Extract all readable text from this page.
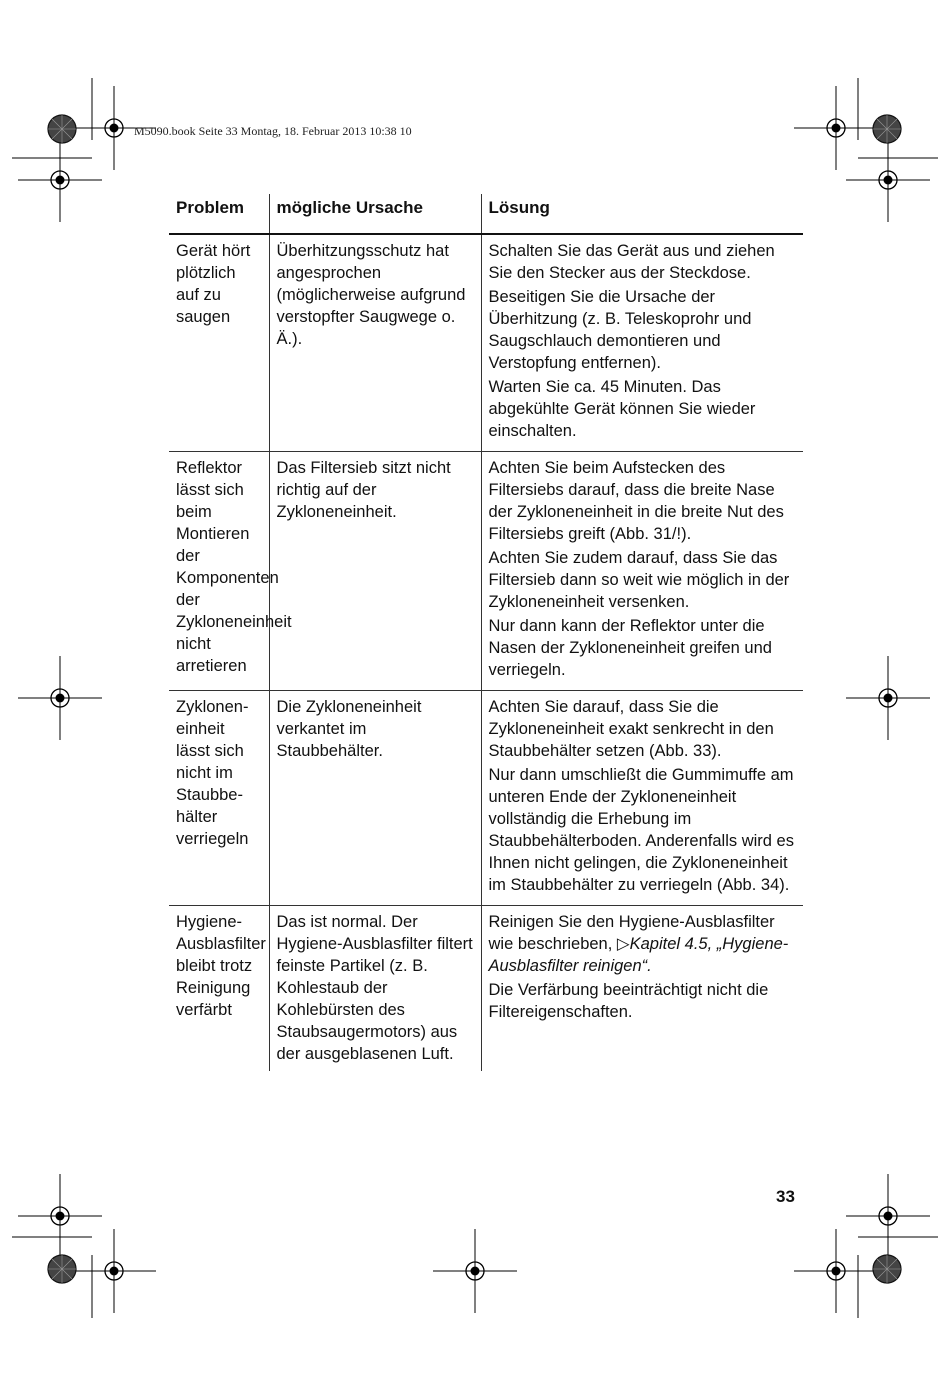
M5090.book Seite 33 Montag, 18. Februar 2013 10:38 10
Problem	mögliche Ursache	Lösung
Gerät hört plötzlich auf zu saugen	Überhitzungsschutz hat angesprochen (möglicherweise aufgrund verstopfter Saugwege o. Ä.).	Schalten Sie das Gerät aus und ziehen Sie den Stecker aus der Steckdose.

Beseitigen Sie die Ursache der Überhitzung (z. B. Teleskoprohr und Saugschlauch demontieren und Verstopfung entfernen).

Warten Sie ca. 45 Minuten. Das abgekühlte Gerät können Sie wieder einschalten.

Reflektor lässt sich beim Montieren der Komponenten der Zykloneneinheit nicht arretieren	Das Filtersieb sitzt nicht richtig auf der Zykloneneinheit.	Achten Sie beim Aufstecken des Filtersiebs darauf, dass die breite Nase der Zykloneneinheit in die breite Nut des Filtersiebs greift (Abb. 31/!).

Achten Sie zudem darauf, dass Sie das Filtersieb dann so weit wie möglich in der Zykloneneinheit versenken.

Nur dann kann der Reflektor unter die Nasen der Zykloneneinheit greifen und verriegeln.

Zykloneneinheit lässt sich nicht im Staubbehälter verriegeln	Die Zykloneneinheit verkantet im Staubbehälter.	Achten Sie darauf, dass Sie die Zykloneneinheit exakt senkrecht in den Staubbehälter setzen (Abb. 33).

Nur dann umschließt die Gummimuffe am unteren Ende der Zykloneneinheit vollständig die Erhebung im Staubbehälterboden. Anderenfalls wird es Ihnen nicht gelingen, die Zykloneneinheit im Staubbehälter zu verriegeln (Abb. 34).

Hygiene-Ausblasfilter bleibt trotz Reinigung verfärbt	Das ist normal. Der Hygiene-Ausblasfilter filtert feinste Partikel (z. B. Kohlestaub der Kohlebürsten des Staubsaugermotors) aus der ausgeblasenen Luft.	Reinigen Sie den Hygiene-Ausblasfilter wie beschrieben, ▷Kapitel 4.5, „Hygiene-Ausblasfilter reinigen“.

Die Verfärbung beeinträchtigt nicht die Filtereigenschaften.

33
